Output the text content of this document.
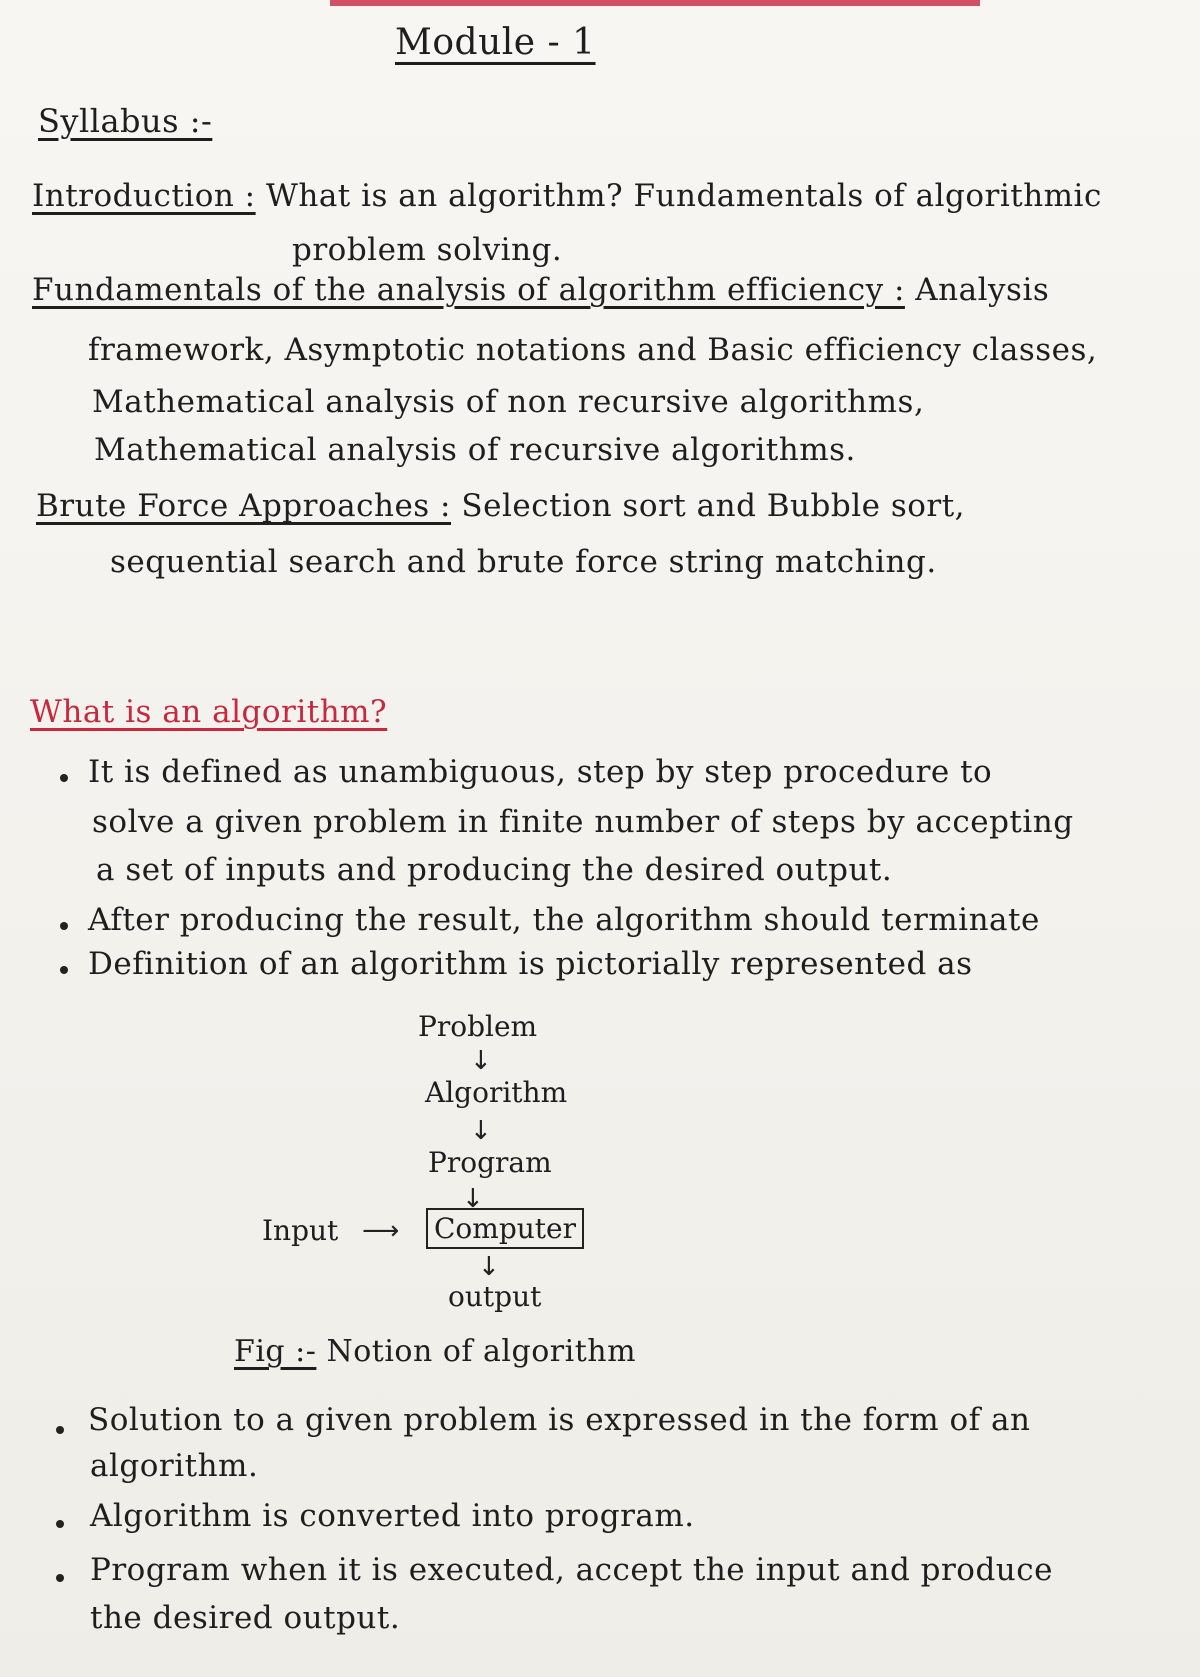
Module - 1
Syllabus :-
Introduction : What is an algorithm? Fundamentals of algorithmic
problem solving.
Fundamentals of the analysis of algorithm efficiency : Analysis
framework, Asymptotic notations and Basic efficiency classes,
Mathematical analysis of non recursive algorithms,
Mathematical analysis of recursive algorithms.
Brute Force Approaches : Selection sort and Bubble sort,
sequential search and brute force string matching.
What is an algorithm?
It is defined as unambiguous, step by step procedure to
solve a given problem in finite number of steps by accepting
a set of inputs and producing the desired output.
After producing the result, the algorithm should terminate
Definition of an algorithm is pictorially represented as
Problem
↓
Algorithm
↓
Program
↓
Input ⟶ Computer
↓
output
Fig :- Notion of algorithm
Solution to a given problem is expressed in the form of an
algorithm.
Algorithm is converted into program.
Program when it is executed, accept the input and produce
the desired output.
